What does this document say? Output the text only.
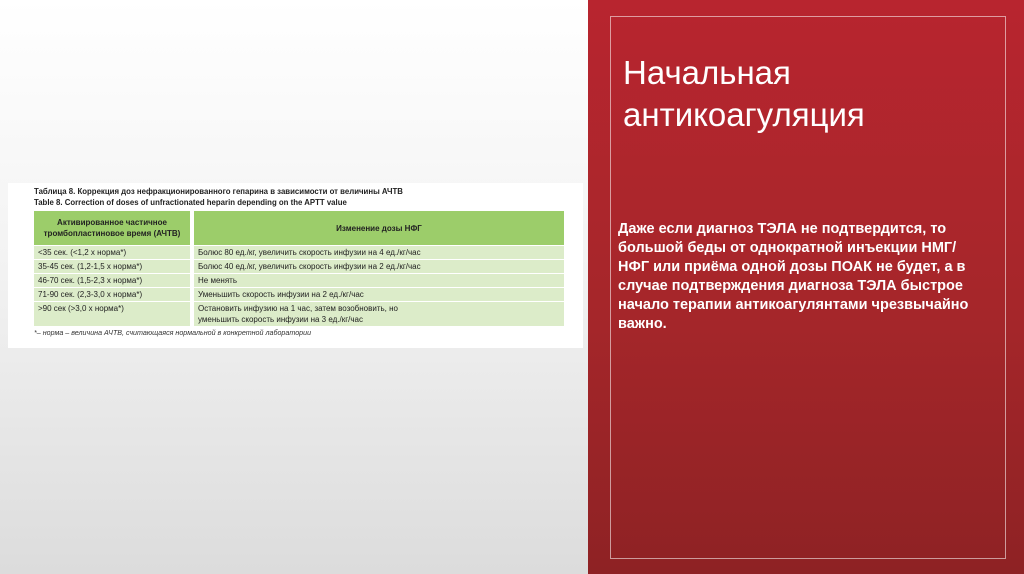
Таблица 8. Коррекция доз нефракционированного гепарина в зависимости от величины АЧТВ
Table 8. Correction of doses of unfractionated heparin depending on the APTT value
Активированное частичное
тромбопластиновое время (АЧТВ)	Изменение дозы НФГ
<35 сек. (<1,2 х норма*)	Болюс 80 ед./кг, увеличить скорость инфузии на 4 ед./кг/час
35-45 сек. (1,2-1,5 х норма*)	Болюс 40 ед./кг, увеличить скорость инфузии на 2 ед./кг/час
46-70 сек. (1,5-2,3 х норма*)	Не менять
71-90 сек. (2,3-3,0 х норма*)	Уменьшить скорость инфузии на 2 ед./кг/час
>90 сек (>3,0 х норма*)	Остановить инфузию на 1 час, затем возобновить, но
уменьшить скорость инфузии на 3 ед./кг/час
*– норма – величина АЧТВ, считающаяся нормальной в конкретной лаборатории
Начальная
антикоагуляция

Даже если диагноз ТЭЛА не подтвердится, то большой беды от однократной инъекции НМГ/НФГ или приёма одной дозы ПОАК не будет, а в случае подтверждения диагноза ТЭЛА быстрое начало терапии антикоагулянтами чрезвычайно важно.
